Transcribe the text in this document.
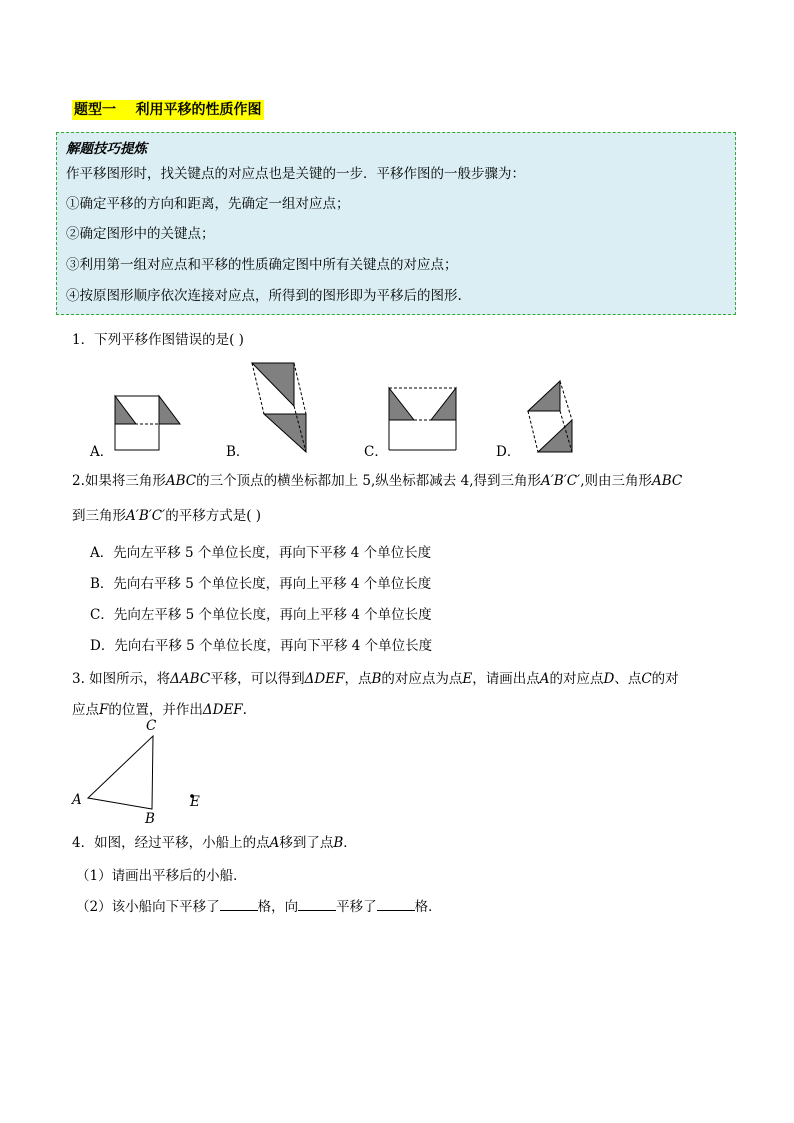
题型一    利用平移的性质作图
解题技巧提炼
作平移图形时，找关键点的对应点也是关键的一步．平移作图的一般步骤为：
①确定平移的方向和距离，先确定一组对应点；
②确定图形中的关键点；
③利用第一组对应点和平移的性质确定图中所有关键点的对应点；
④按原图形顺序依次连接对应点，所得到的图形即为平移后的图形.
1．下列平移作图错误的是( )
A．	B．	C．	D．
2.如果将三角形ABC的三个顶点的横坐标都加上 5,纵坐标都减去 4,得到三角形A′B′C′,则由三角形ABC
到三角形A′B′C′的平移方式是( )
A．先向左平移 5 个单位长度，再向下平移 4 个单位长度
B．先向右平移 5 个单位长度，再向上平移 4 个单位长度
C．先向左平移 5 个单位长度，再向上平移 4 个单位长度
D．先向右平移 5 个单位长度，再向下平移 4 个单位长度
3. 如图所示，将ΔABC平移，可以得到ΔDEF，点B的对应点为点E，请画出点A的对应点D、点C的对
应点F的位置，并作出ΔDEF.
C
A
B
E
4．如图，经过平移，小船上的点A移到了点B．
（1）请画出平移后的小船．
（2）该小船向下平移了	格，向	平移了	格．
